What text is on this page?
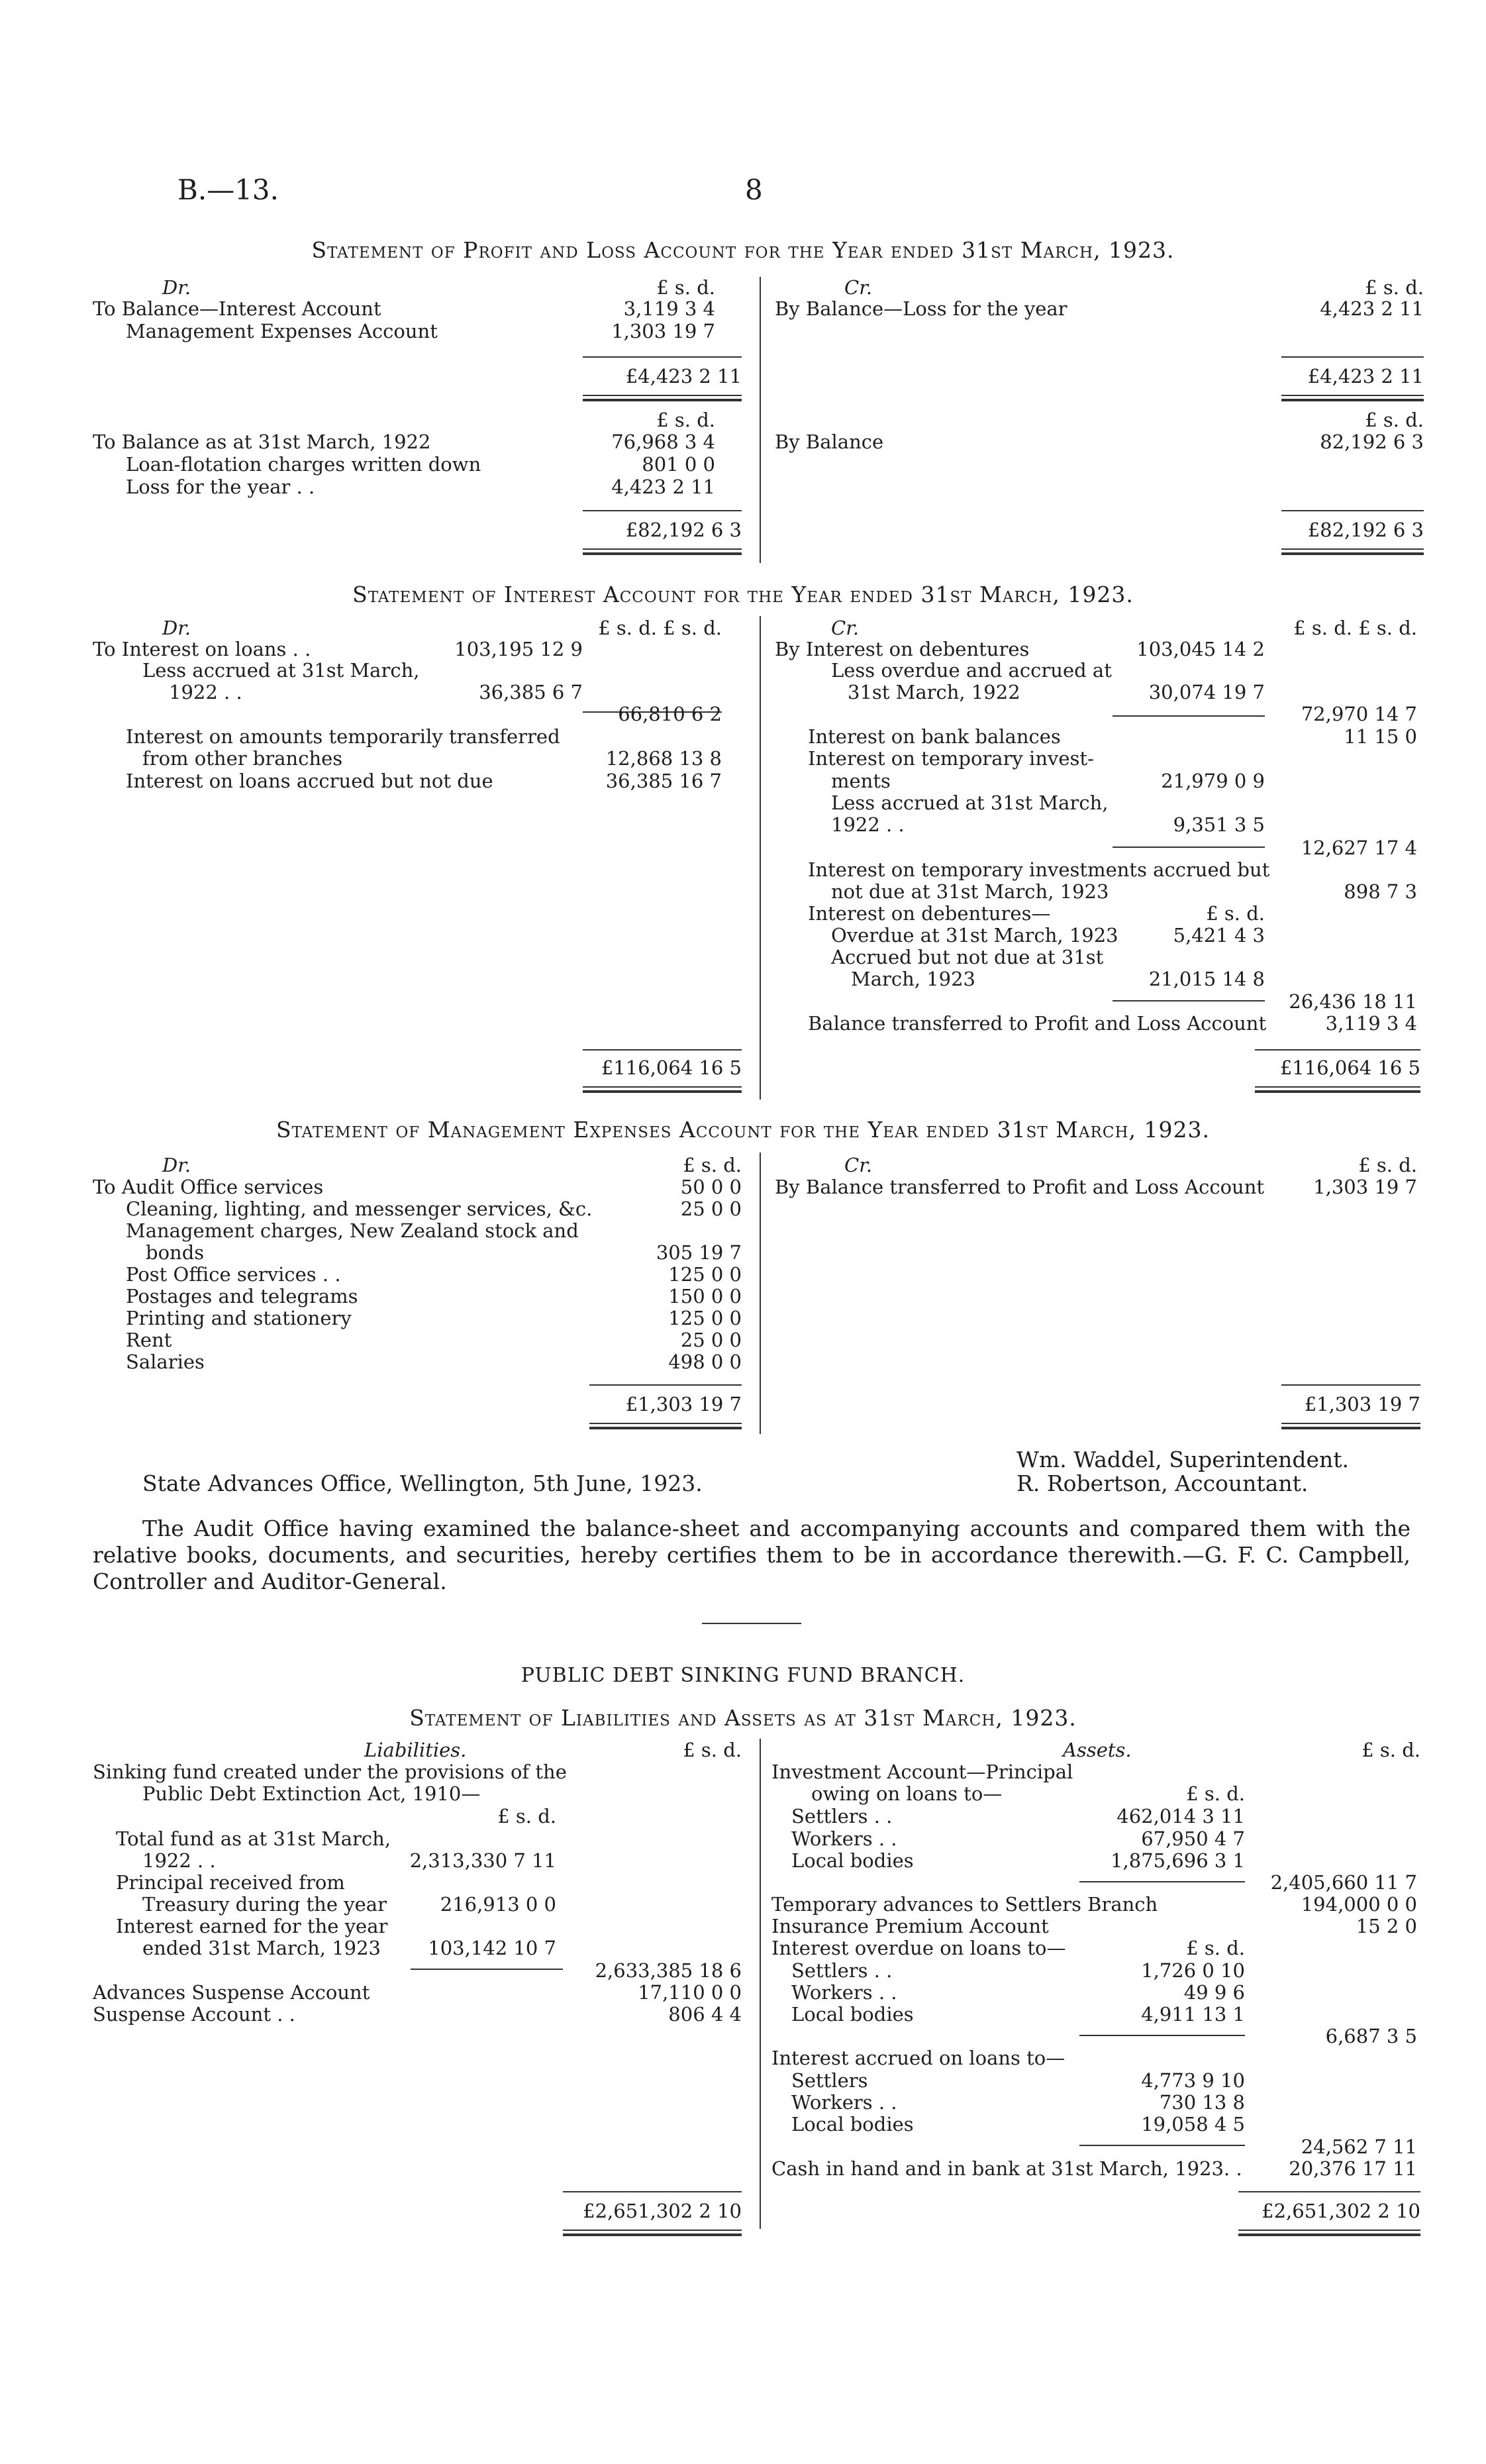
B.—13.	8
Statement of Profit and Loss Account for the Year ended 31st March, 1923.
Dr.	£ s. d.	Cr.	£ s. d.
To Balance—Interest Account	3,119 3 4
Management Expenses Account	1,303 19 7
By Balance—Loss for the year	4,423 2 11
£4,423 2 11	£4,423 2 11
£ s. d.	£ s. d.
To Balance as at 31st March, 1922	76,968 3 4
Loan-flotation charges written down	801 0 0
Loss for the year . .	4,423 2 11
By Balance	82,192 6 3
£82,192 6 3	£82,192 6 3
Statement of Interest Account for the Year ended 31st March, 1923.
Dr.	£ s. d. £ s. d.	Cr.	£ s. d. £ s. d.
To Interest on loans . .	103,195 12 9
Less accrued at 31st March,
1922 . .	36,385 6 7
66,810 6 2
Interest on amounts temporarily transferred
from other branches	12,868 13 8
Interest on loans accrued but not due	36,385 16 7
By Interest on debentures	103,045 14 2
Less overdue and accrued at
31st March, 1922	30,074 19 7
72,970 14 7
Interest on bank balances	11 15 0
Interest on temporary invest-
ments	21,979 0 9
Less accrued at 31st March,
1922 . .	9,351 3 5
12,627 17 4
Interest on temporary investments accrued but
not due at 31st March, 1923	898 7 3
Interest on debentures—	£ s. d.
Overdue at 31st March, 1923	5,421 4 3
Accrued but not due at 31st
March, 1923	21,015 14 8
26,436 18 11
Balance transferred to Profit and Loss Account	3,119 3 4
£116,064 16 5	£116,064 16 5
Statement of Management Expenses Account for the Year ended 31st March, 1923.
Dr.	£ s. d.	Cr.	£ s. d.
To Audit Office services	50 0 0
Cleaning, lighting, and messenger services, &c.	25 0 0
Management charges, New Zealand stock and
bonds	305 19 7
Post Office services . .	125 0 0
Postages and telegrams	150 0 0
Printing and stationery	125 0 0
Rent	25 0 0
Salaries	498 0 0
By Balance transferred to Profit and Loss Account	1,303 19 7
£1,303 19 7	£1,303 19 7
Wm. Waddel, Superintendent.
State Advances Office, Wellington, 5th June, 1923.	R. Robertson, Accountant.
The Audit Office having examined the balance-sheet and accompanying accounts and compared them with the relative books, documents, and securities, hereby certifies them to be in accordance therewith.—G. F. C. Campbell, Controller and Auditor-General.
PUBLIC DEBT SINKING FUND BRANCH.
Statement of Liabilities and Assets as at 31st March, 1923.
Liabilities.	£ s. d.	Assets.	£ s. d.
Sinking fund created under the provisions of the
Public Debt Extinction Act, 1910—
£ s. d.
Total fund as at 31st March,
1922 . .	2,313,330 7 11
Principal received from
Treasury during the year	216,913 0 0
Interest earned for the year
ended 31st March, 1923	103,142 10 7
2,633,385 18 6
Advances Suspense Account	17,110 0 0
Suspense Account . .	806 4 4
Investment Account—Principal
owing on loans to—	£ s. d.
Settlers . .	462,014 3 11
Workers . .	67,950 4 7
Local bodies	1,875,696 3 1
2,405,660 11 7
Temporary advances to Settlers Branch	194,000 0 0
Insurance Premium Account	15 2 0
Interest overdue on loans to—	£ s. d.
Settlers . .	1,726 0 10
Workers . .	49 9 6
Local bodies	4,911 13 1
6,687 3 5
Interest accrued on loans to—
Settlers	4,773 9 10
Workers . .	730 13 8
Local bodies	19,058 4 5
24,562 7 11
Cash in hand and in bank at 31st March, 1923. .	20,376 17 11
£2,651,302 2 10	£2,651,302 2 10
